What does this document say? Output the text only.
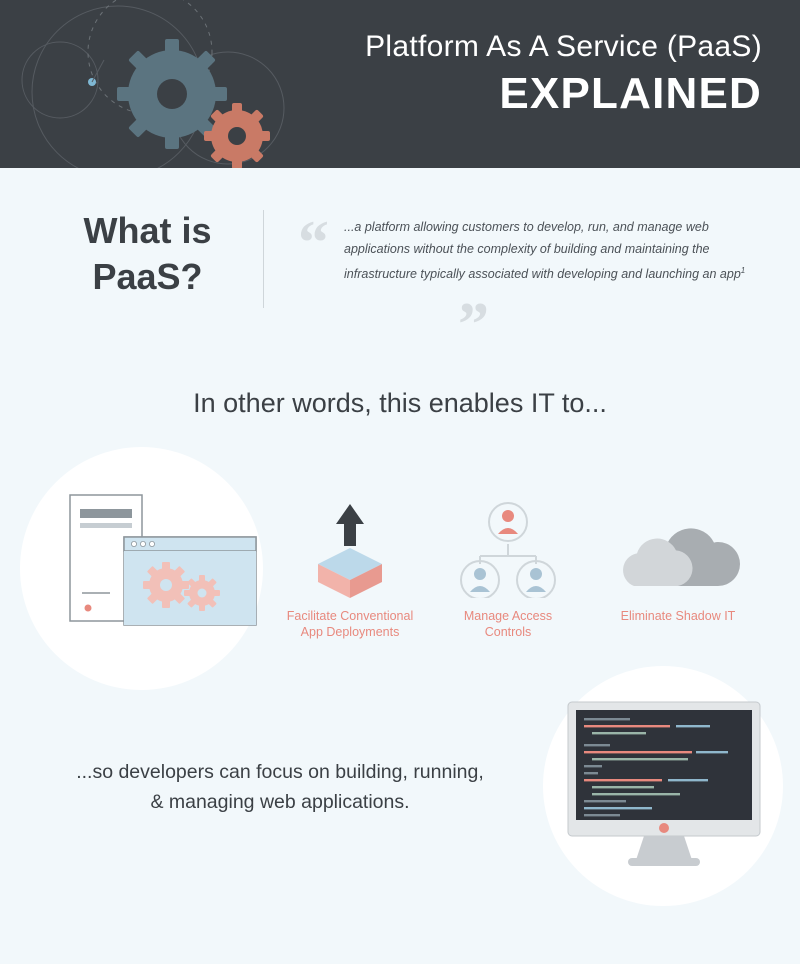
Platform As A Service (PaaS)
EXPLAINED
What is
PaaS?	“ ...a platform allowing customers to develop, run, and manage web applications without the complexity of building and maintaining the infrastructure typically associated with developing and launching an app$^1$
”
In other words, this enables IT to...
Facilitate Conventional
App Deployments
Manage Access
Controls
Eliminate Shadow IT
...so developers can focus on building, running,
& managing web applications.
